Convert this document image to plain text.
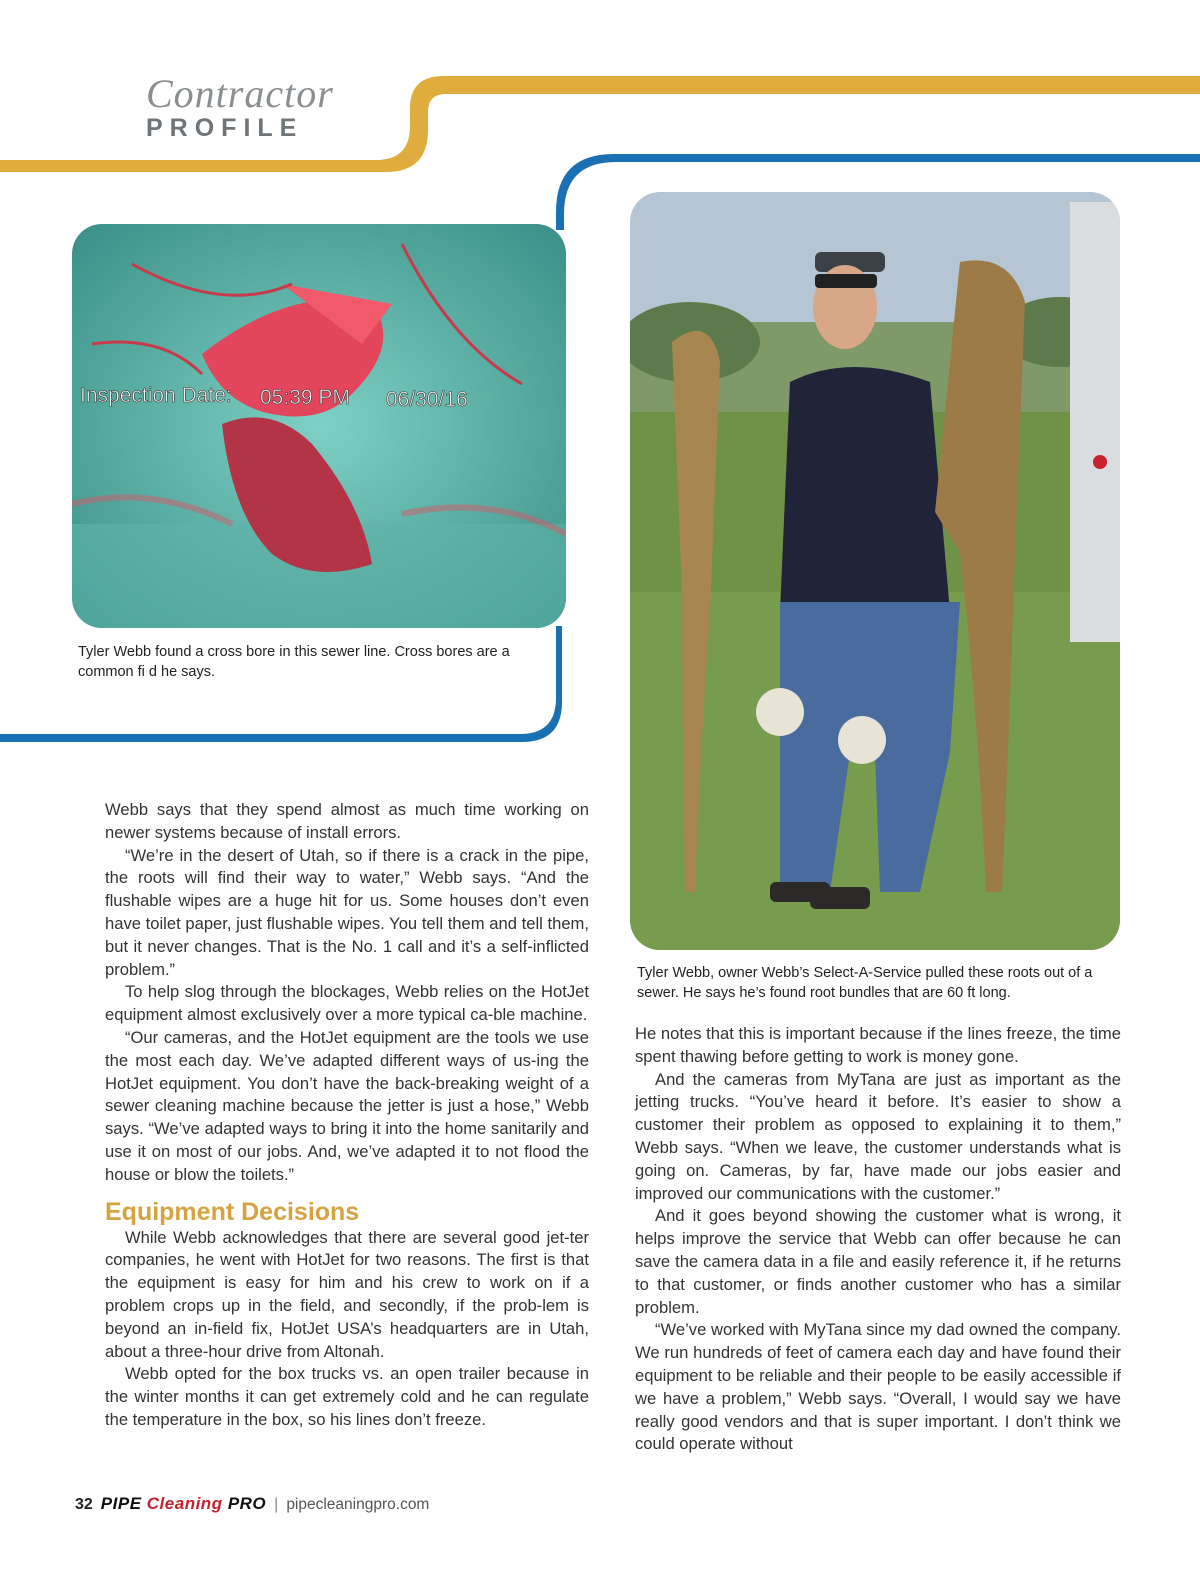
Contractor
PROFILE
Inspection Date: 05:39 PM 06/30/16
Tyler Webb found a cross bore in this sewer line. Cross bores are a common fi d he says.
Tyler Webb, owner Webb’s Select-A-Service pulled these roots out of a sewer. He says he’s found root bundles that are 60 ft long.

Webb says that they spend almost as much time working on newer systems because of install errors.

“We’re in the desert of Utah, so if there is a crack in the pipe, the roots will find their way to water,” Webb says. “And the flushable wipes are a huge hit for us. Some houses don’t even have toilet paper, just flushable wipes. You tell them and tell them, but it never changes. That is the No. 1 call and it’s a self-inflicted problem.”

To help slog through the blockages, Webb relies on the HotJet equipment almost exclusively over a more typical ca-ble machine.

“Our cameras, and the HotJet equipment are the tools we use the most each day. We’ve adapted different ways of us-ing the HotJet equipment. You don’t have the back-breaking weight of a sewer cleaning machine because the jetter is just a hose,” Webb says. “We’ve adapted ways to bring it into the home sanitarily and use it on most of our jobs. And, we’ve adapted it to not flood the house or blow the toilets.”

Equipment Decisions

While Webb acknowledges that there are several good jet-ter companies, he went with HotJet for two reasons. The first is that the equipment is easy for him and his crew to work on if a problem crops up in the field, and secondly, if the prob-lem is beyond an in-field fix, HotJet USA’s headquarters are in Utah, about a three-hour drive from Altonah.

Webb opted for the box trucks vs. an open trailer because in the winter months it can get extremely cold and he can regulate the temperature in the box, so his lines don’t freeze.

He notes that this is important because if the lines freeze, the time spent thawing before getting to work is money gone.

And the cameras from MyTana are just as important as the jetting trucks. “You’ve heard it before. It’s easier to show a customer their problem as opposed to explaining it to them,” Webb says. “When we leave, the customer understands what is going on. Cameras, by far, have made our jobs easier and improved our communications with the customer.”

And it goes beyond showing the customer what is wrong, it helps improve the service that Webb can offer because he can save the camera data in a file and easily reference it, if he returns to that customer, or finds another customer who has a similar problem.

“We’ve worked with MyTana since my dad owned the company. We run hundreds of feet of camera each day and have found their equipment to be reliable and their people to be easily accessible if we have a problem,” Webb says. “Overall, I would say we have really good vendors and that is super important. I don’t think we could operate without

32 PIPE Cleaning PRO | pipecleaningpro.com
